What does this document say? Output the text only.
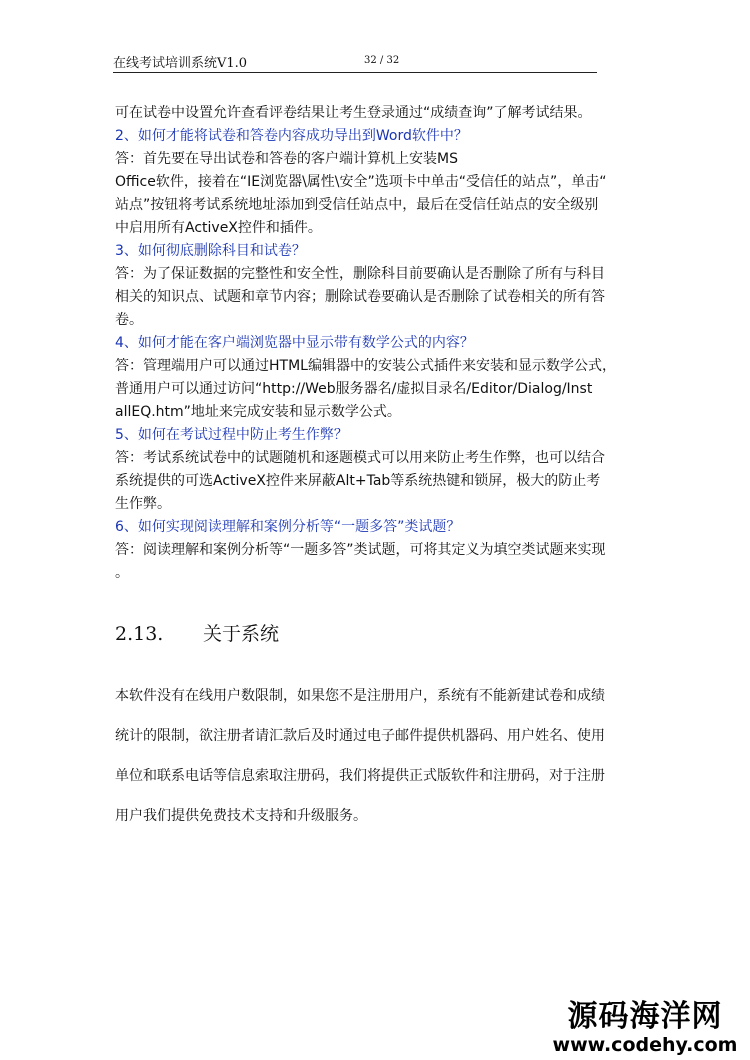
在线考试培训系统V1.0	32 / 32
可在试卷中设置允许查看评卷结果让考生登录通过“成绩查询”了解考试结果。
2、如何才能将试卷和答卷内容成功导出到Word软件中？
答：首先要在导出试卷和答卷的客户端计算机上安装MS
Office软件，接着在“IE浏览器\属性\安全”选项卡中单击“受信任的站点”，单击“
站点”按钮将考试系统地址添加到受信任站点中，最后在受信任站点的安全级别
中启用所有ActiveX控件和插件。
3、如何彻底删除科目和试卷？
答：为了保证数据的完整性和安全性，删除科目前要确认是否删除了所有与科目
相关的知识点、试题和章节内容；删除试卷要确认是否删除了试卷相关的所有答
卷。
4、如何才能在客户端浏览器中显示带有数学公式的内容？
答：管理端用户可以通过HTML编辑器中的安装公式插件来安装和显示数学公式，
普通用户可以通过访问“http://Web服务器名/虚拟目录名/Editor/Dialog/Inst
allEQ.htm”地址来完成安装和显示数学公式。
5、如何在考试过程中防止考生作弊？
答：考试系统试卷中的试题随机和逐题模式可以用来防止考生作弊，也可以结合
系统提供的可选ActiveX控件来屏蔽Alt+Tab等系统热键和锁屏，极大的防止考
生作弊。
6、如何实现阅读理解和案例分析等“一题多答”类试题？
答：阅读理解和案例分析等“一题多答”类试题，可将其定义为填空类试题来实现
。
2.13. 关于系统
本软件没有在线用户数限制，如果您不是注册用户，系统有不能新建试卷和成绩
统计的限制，欲注册者请汇款后及时通过电子邮件提供机器码、用户姓名、使用
单位和联系电话等信息索取注册码，我们将提供正式版软件和注册码，对于注册
用户我们提供免费技术支持和升级服务。
源码海洋网
www.codehy.com
